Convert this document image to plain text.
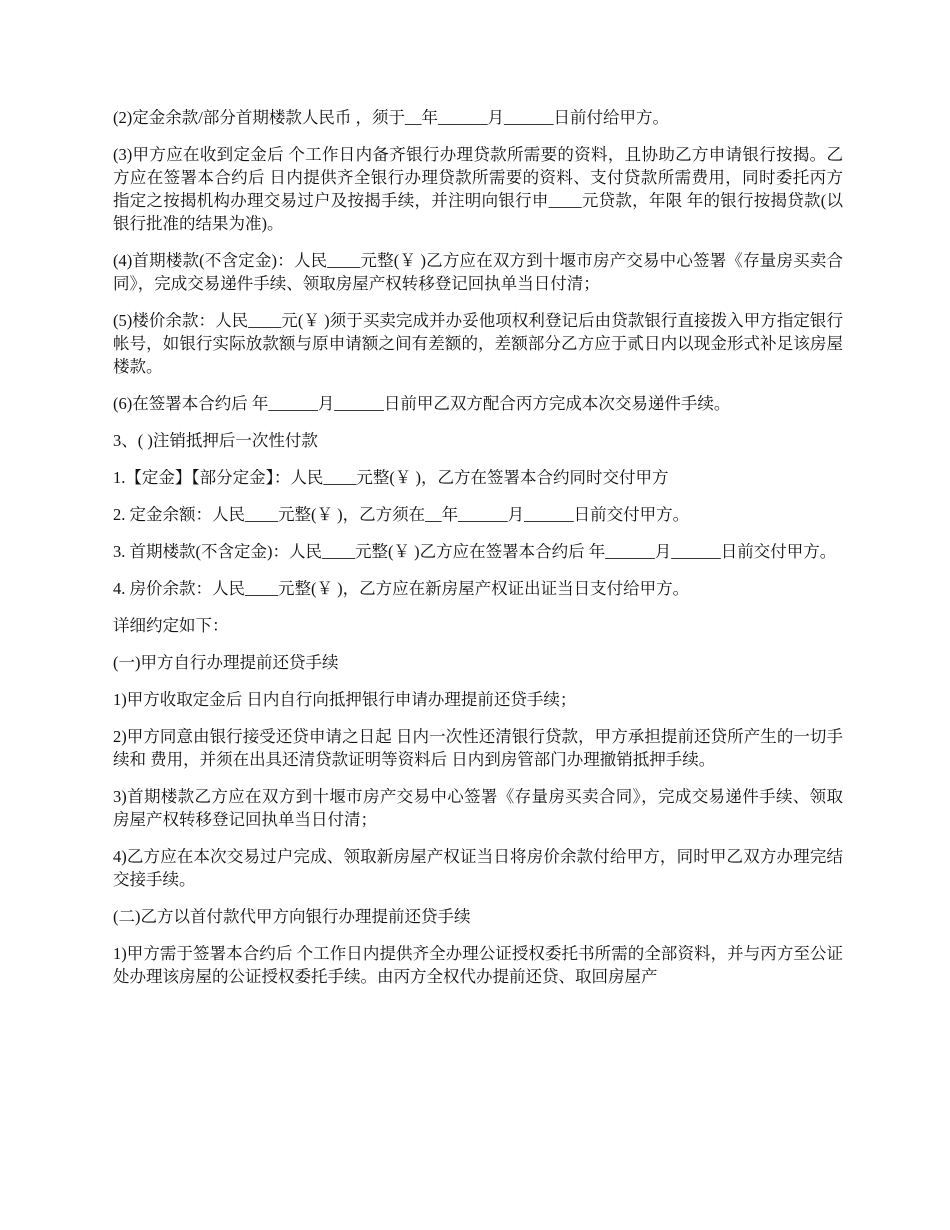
(2)定金余款/部分首期楼款人民币 ，须于__年______月______日前付给甲方。

(3)甲方应在收到定金后 个工作日内备齐银行办理贷款所需要的资料，且协助乙方申请银行按揭。乙方应在签署本合约后 日内提供齐全银行办理贷款所需要的资料、支付贷款所需费用，同时委托丙方指定之按揭机构办理交易过户及按揭手续，并注明向银行申____元贷款，年限 年的银行按揭贷款(以银行批准的结果为准)。

(4)首期楼款(不含定金)：人民____元整(￥ )乙方应在双方到十堰市房产交易中心签署《存量房买卖合同》，完成交易递件手续、领取房屋产权转移登记回执单当日付清；

(5)楼价余款：人民____元(￥ )须于买卖完成并办妥他项权利登记后由贷款银行直接拨入甲方指定银行帐号，如银行实际放款额与原申请额之间有差额的，差额部分乙方应于贰日内以现金形式补足该房屋楼款。

(6)在签署本合约后 年______月______日前甲乙双方配合丙方完成本次交易递件手续。

3、( )注销抵押后一次性付款

1.【定金】【部分定金】：人民____元整(￥ )，乙方在签署本合约同时交付甲方

2. 定金余额：人民____元整(￥ )，乙方须在__年______月______日前交付甲方。

3. 首期楼款(不含定金)：人民____元整(￥ )乙方应在签署本合约后 年______月______日前交付甲方。

4. 房价余款：人民____元整(￥ )，乙方应在新房屋产权证出证当日支付给甲方。

详细约定如下：

(一)甲方自行办理提前还贷手续

1)甲方收取定金后 日内自行向抵押银行申请办理提前还贷手续；

2)甲方同意由银行接受还贷申请之日起 日内一次性还清银行贷款，甲方承担提前还贷所产生的一切手续和 费用，并须在出具还清贷款证明等资料后 日内到房管部门办理撤销抵押手续。

3)首期楼款乙方应在双方到十堰市房产交易中心签署《存量房买卖合同》，完成交易递件手续、领取房屋产权转移登记回执单当日付清；

4)乙方应在本次交易过户完成、领取新房屋产权证当日将房价余款付给甲方，同时甲乙双方办理完结交接手续。

(二)乙方以首付款代甲方向银行办理提前还贷手续

1)甲方需于签署本合约后 个工作日内提供齐全办理公证授权委托书所需的全部资料，并与丙方至公证处办理该房屋的公证授权委托手续。由丙方全权代办提前还贷、取回房屋产
